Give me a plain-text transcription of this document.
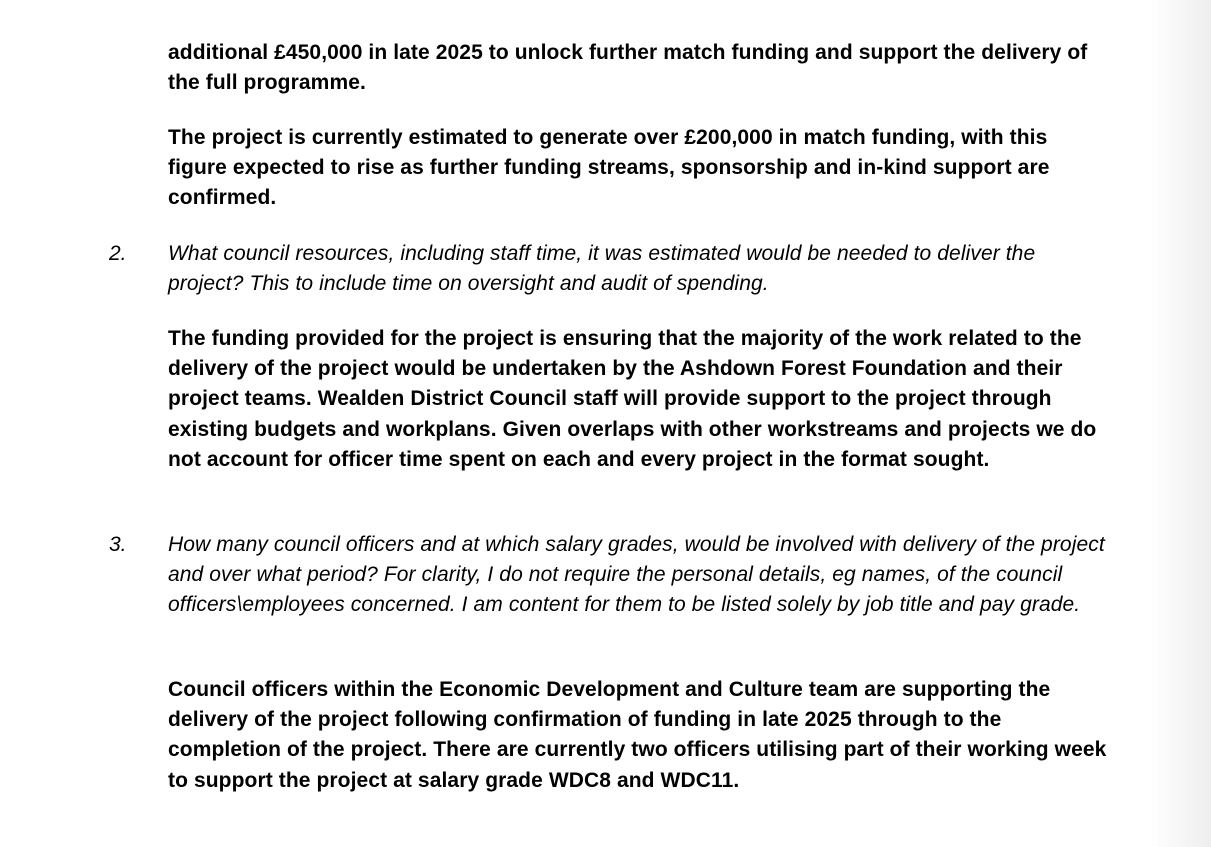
additional £450,000 in late 2025 to unlock further match funding and support the delivery of the full programme.

The project is currently estimated to generate over £200,000 in match funding, with this figure expected to rise as further funding streams, sponsorship and in-kind support are confirmed.

2. What council resources, including staff time, it was estimated would be needed to deliver the project? This to include time on oversight and audit of spending.

The funding provided for the project is ensuring that the majority of the work related to the delivery of the project would be undertaken by the Ashdown Forest Foundation and their project teams. Wealden District Council staff will provide support to the project through existing budgets and workplans. Given overlaps with other workstreams and projects we do not account for officer time spent on each and every project in the format sought.

3. How many council officers and at which salary grades, would be involved with delivery of the project and over what period? For clarity, I do not require the personal details, eg names, of the council officers\employees concerned. I am content for them to be listed solely by job title and pay grade.

Council officers within the Economic Development and Culture team are supporting the delivery of the project following confirmation of funding in late 2025 through to the completion of the project. There are currently two officers utilising part of their working week to support the project at salary grade WDC8 and WDC11.
